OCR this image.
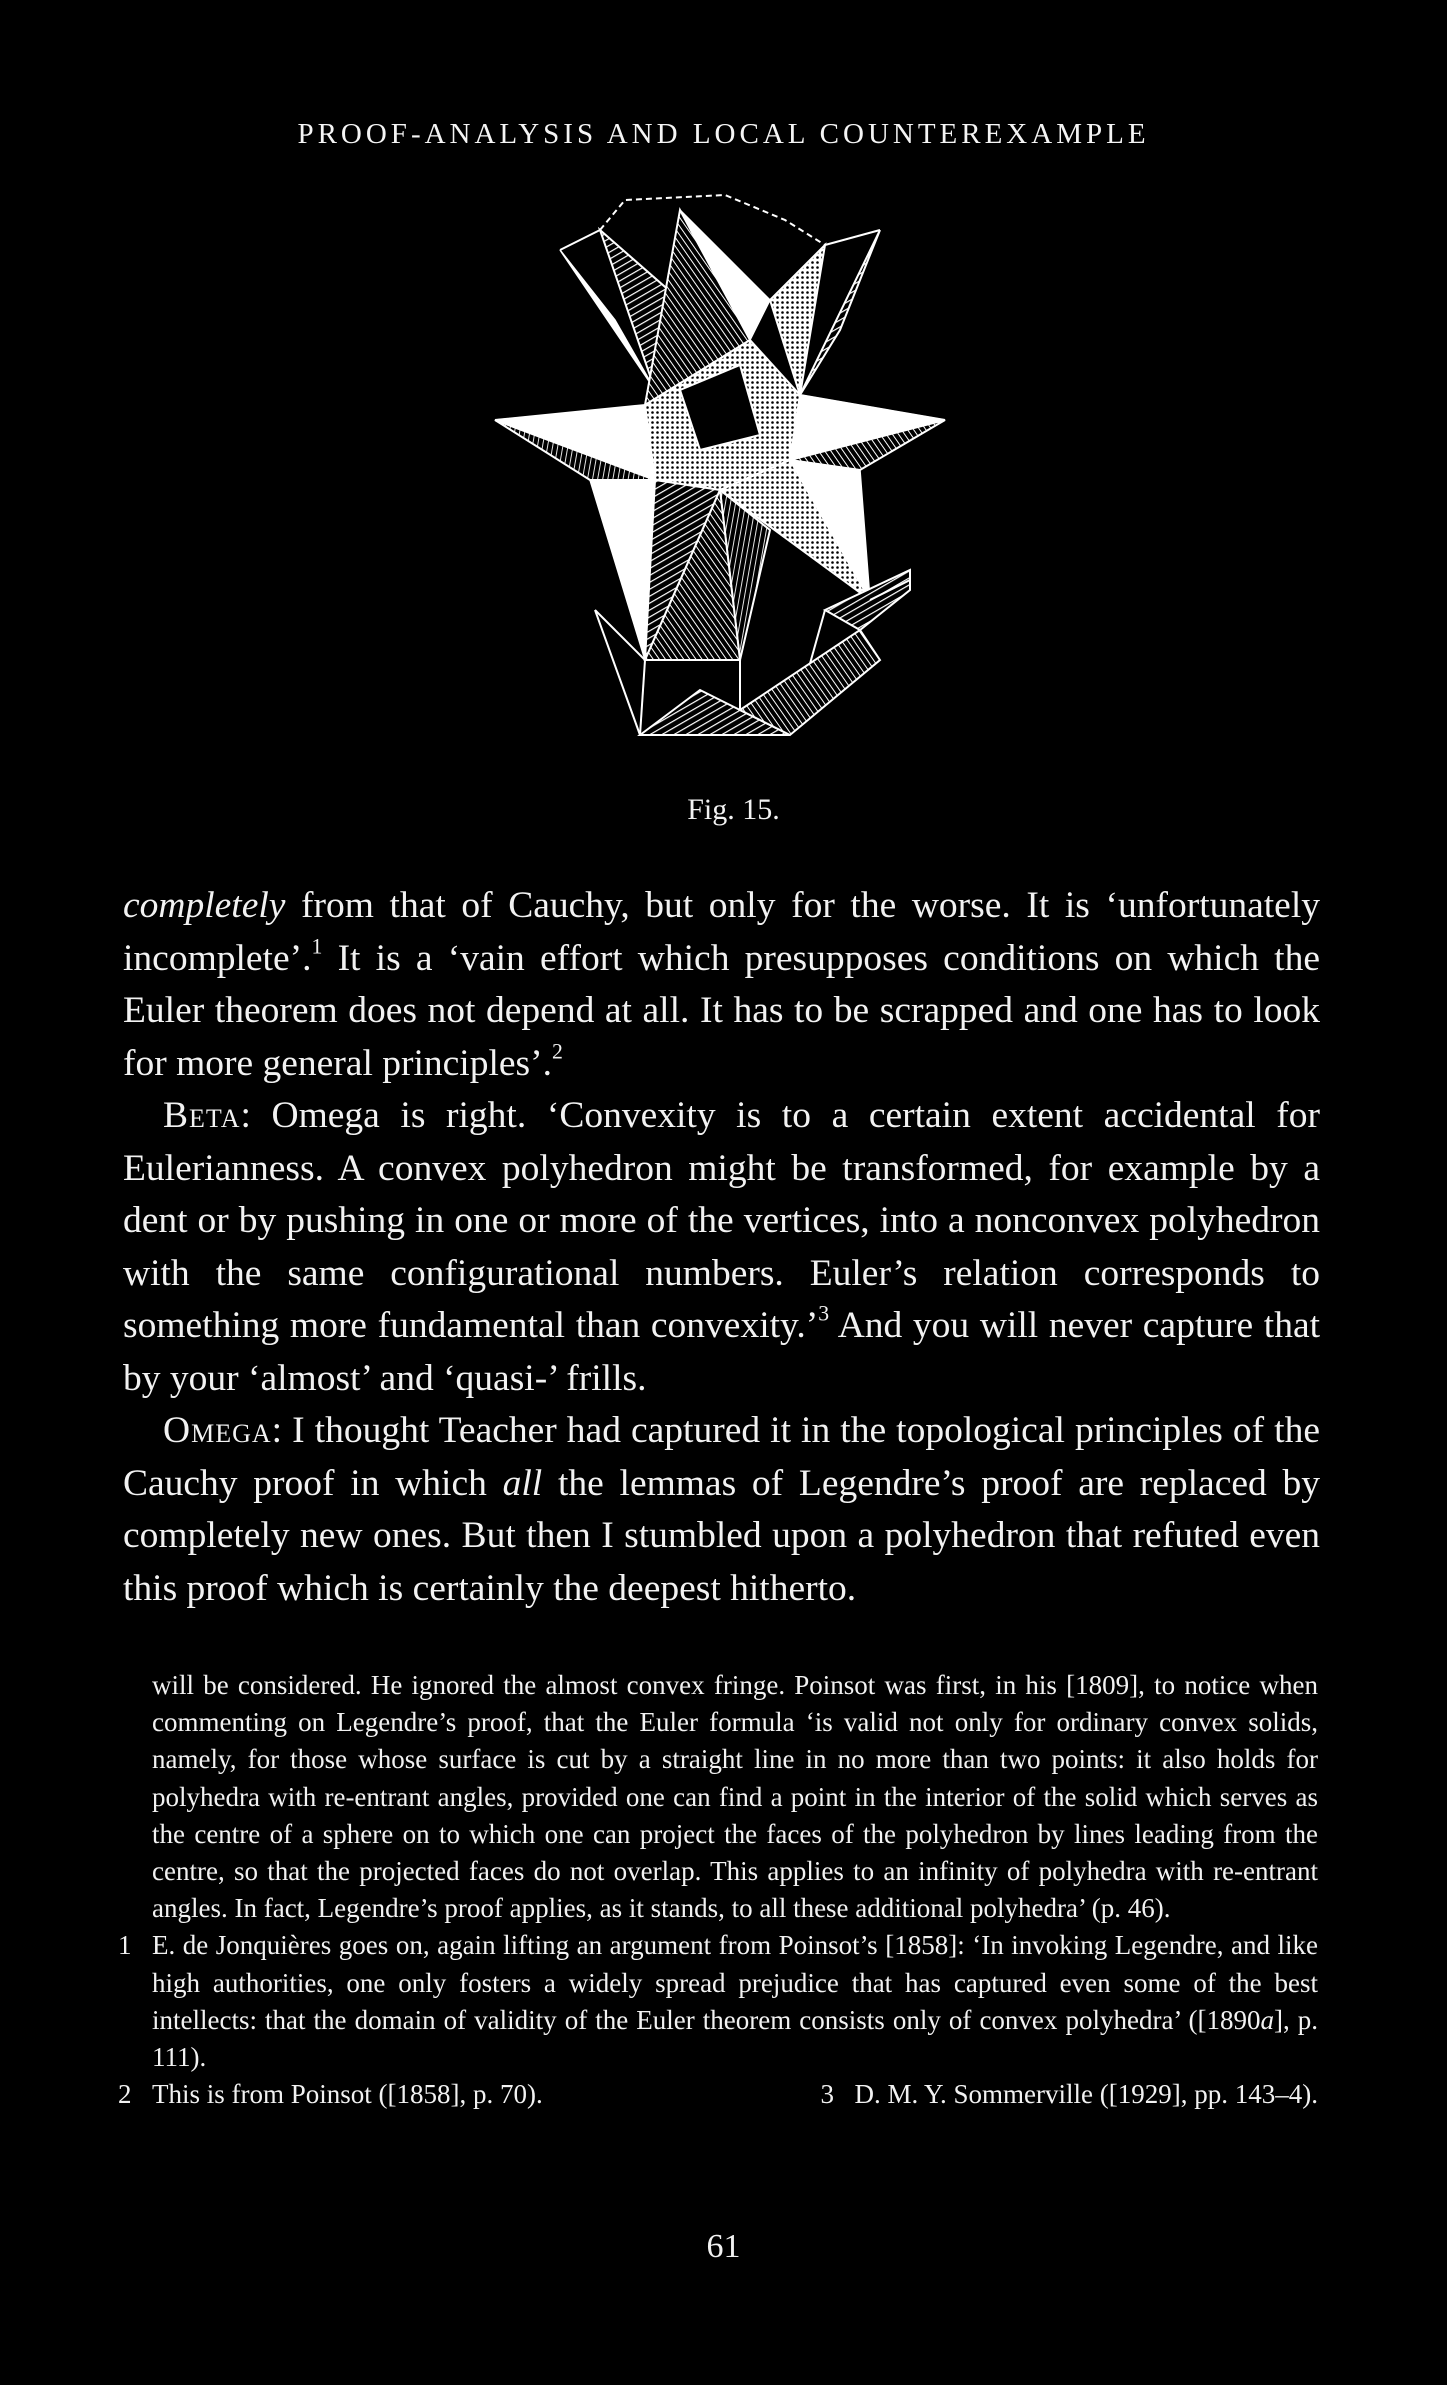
PROOF-ANALYSIS AND LOCAL COUNTEREXAMPLE
Fig. 15.

completely from that of Cauchy, but only for the worse. It is ‘unfortunately incomplete’.$^1$ It is a ‘vain effort which presupposes conditions on which the Euler theorem does not depend at all. It has to be scrapped and one has to look for more general principles’.$^2$

Beta: Omega is right. ‘Convexity is to a certain extent accidental for Eulerianness. A convex polyhedron might be transformed, for example by a dent or by pushing in one or more of the vertices, into a nonconvex polyhedron with the same configurational numbers. Euler’s relation corresponds to something more fundamental than convexity.’$^3$ And you will never capture that by your ‘almost’ and ‘quasi-’ frills.

Omega: I thought Teacher had captured it in the topological principles of the Cauchy proof in which all the lemmas of Legendre’s proof are replaced by completely new ones. But then I stumbled upon a polyhedron that refuted even this proof which is certainly the deepest hitherto.

will be considered. He ignored the almost convex fringe. Poinsot was first, in his [1809], to notice when commenting on Legendre’s proof, that the Euler formula ‘is valid not only for ordinary convex solids, namely, for those whose surface is cut by a straight line in no more than two points: it also holds for polyhedra with re-entrant angles, provided one can find a point in the interior of the solid which serves as the centre of a sphere on to which one can project the faces of the polyhedron by lines leading from the centre, so that the projected faces do not overlap. This applies to an infinity of polyhedra with re-entrant angles. In fact, Legendre’s proof applies, as it stands, to all these additional polyhedra’ (p. 46).

1 E. de Jonquières goes on, again lifting an argument from Poinsot’s [1858]: ‘In invoking Legendre, and like high authorities, one only fosters a widely spread prejudice that has captured even some of the best intellects: that the domain of validity of the Euler theorem consists only of convex polyhedra’ ([1890a], p. 111).

2 This is from Poinsot ([1858], p. 70).	3 D. M. Y. Sommerville ([1929], pp. 143–4).
61
